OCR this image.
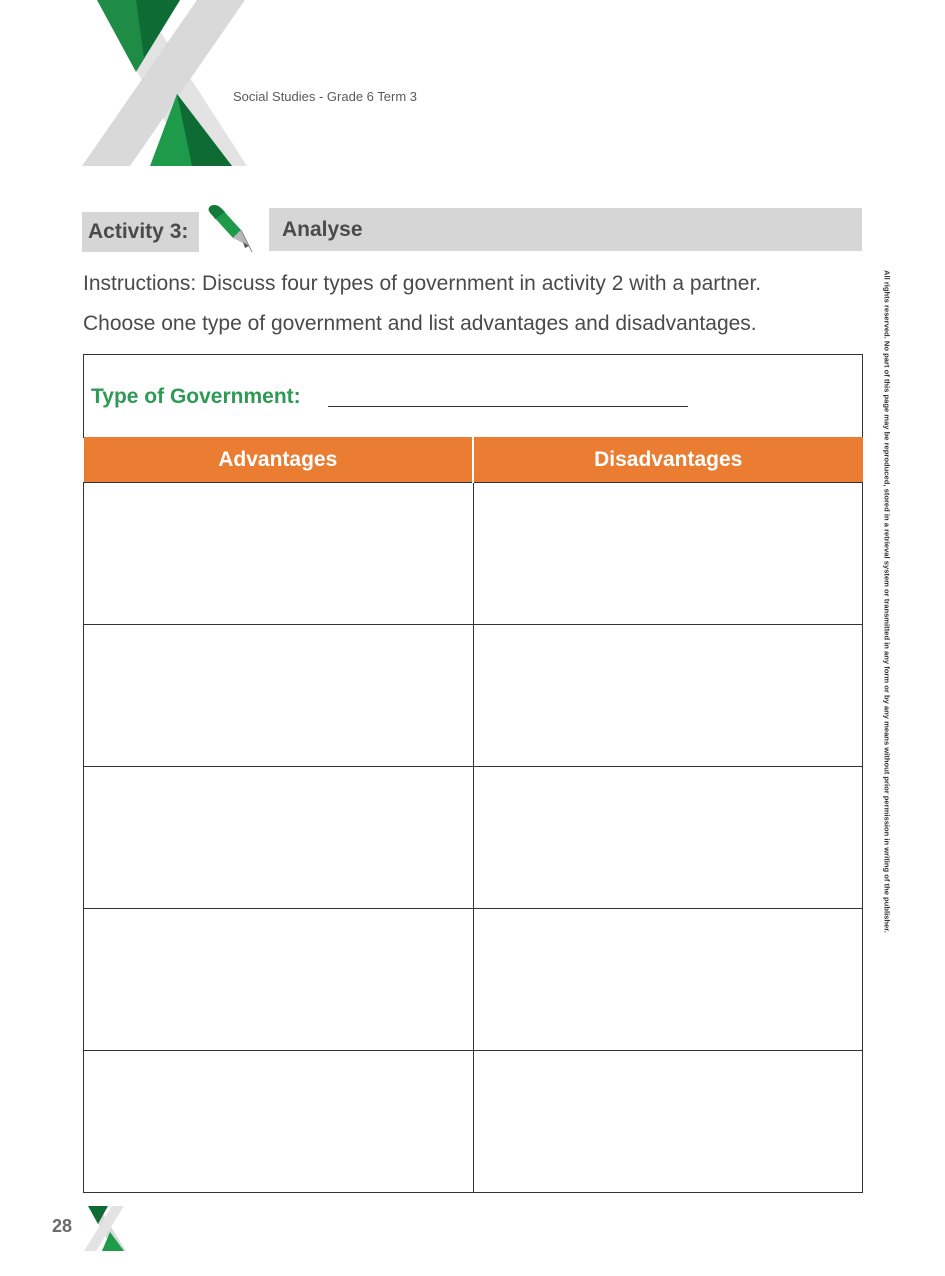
Social Studies - Grade 6 Term 3
Activity 3:	Analyse
Instructions: Discuss four types of government in activity 2 with a partner.
Choose one type of government and list advantages and disadvantages.
Type of Government:
Advantages	Disadvantages

		All rights reserved. No part of this page may be reproduced, stored in a retrieval system or transmitted in any form or by any means without prior permission in writing of the publisher.
28
